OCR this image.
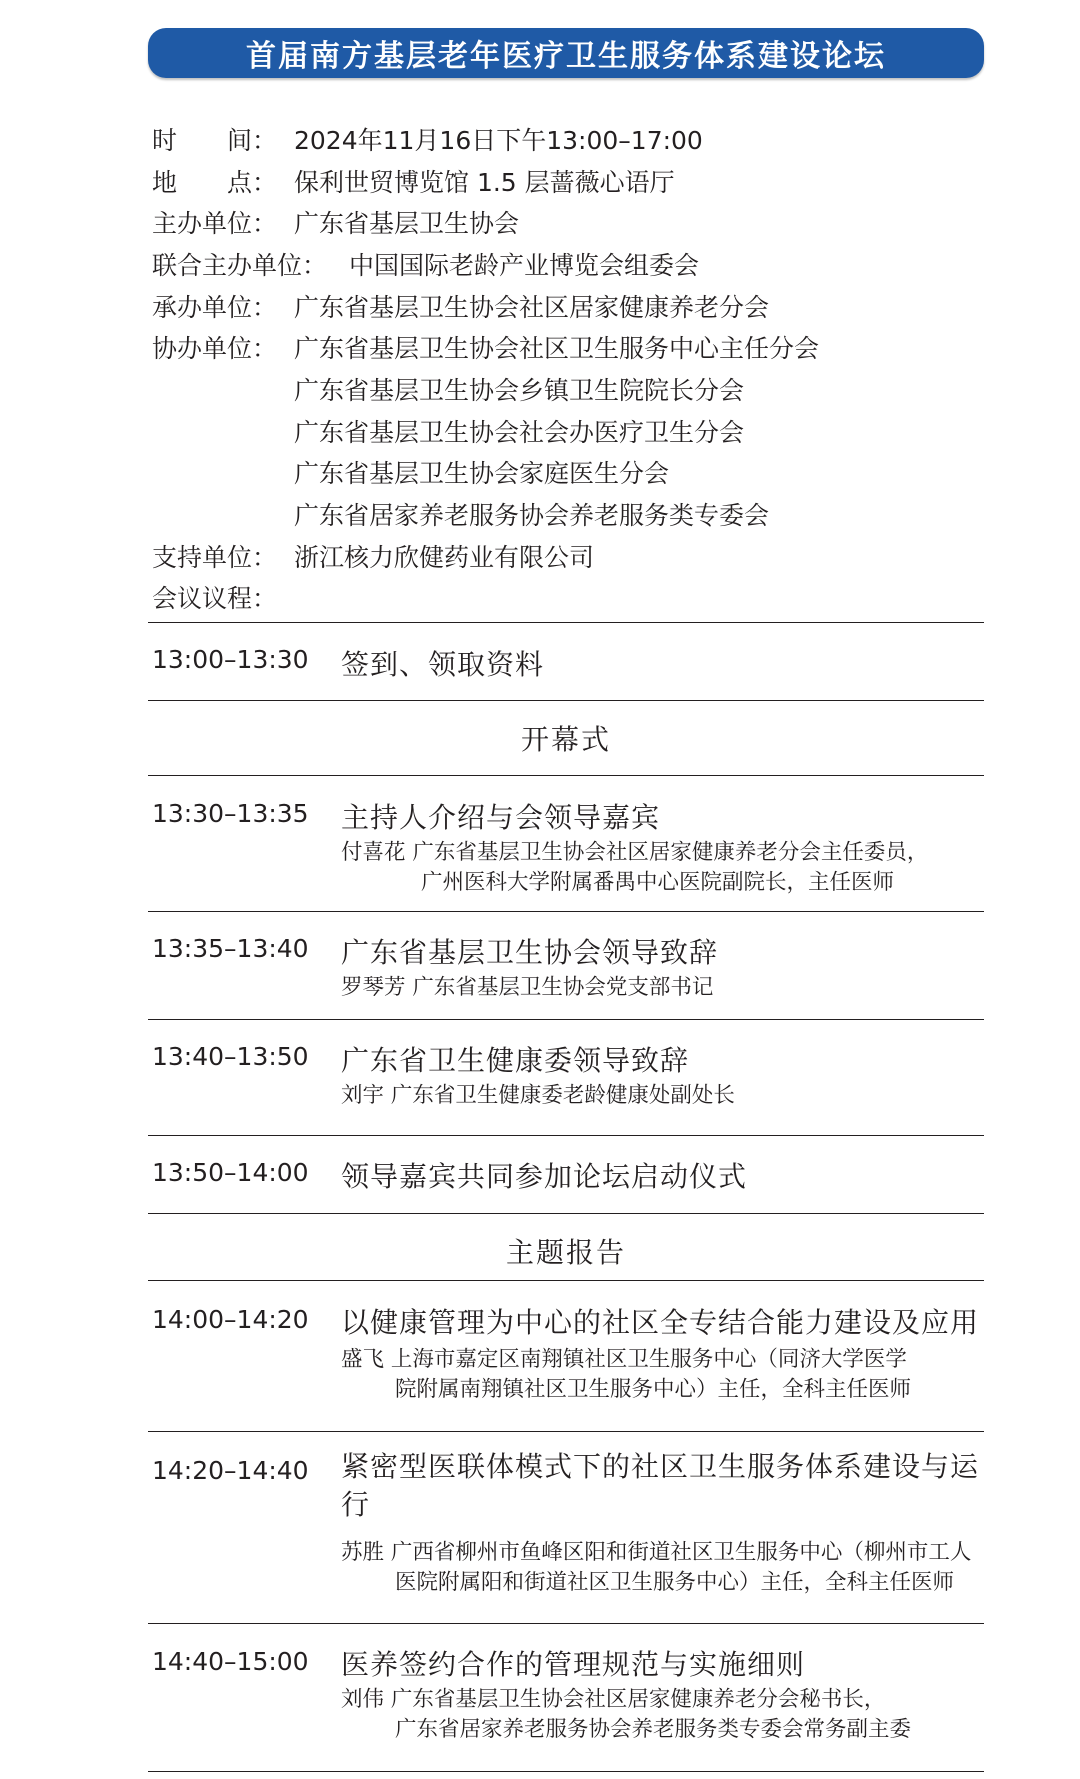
首届南方基层老年医疗卫生服务体系建设论坛
时　　间： 2024年11月16日下午13:00–17:00
地　　点： 保利世贸博览馆 1.5 层蔷薇心语厅
主办单位： 广东省基层卫生协会
联合主办单位： 中国国际老龄产业博览会组委会
承办单位： 广东省基层卫生协会社区居家健康养老分会
协办单位： 广东省基层卫生协会社区卫生服务中心主任分会
广东省基层卫生协会乡镇卫生院院长分会
广东省基层卫生协会社会办医疗卫生分会
广东省基层卫生协会家庭医生分会
广东省居家养老服务协会养老服务类专委会
支持单位： 浙江核力欣健药业有限公司
会议议程：
13:00–13:30 签到、领取资料
开幕式
13:30–13:35 主持人介绍与会领导嘉宾
付喜花 广东省基层卫生协会社区居家健康养老分会主任委员，
广州医科大学附属番禺中心医院副院长，主任医师
13:35–13:40 广东省基层卫生协会领导致辞
罗琴芳 广东省基层卫生协会党支部书记
13:40–13:50 广东省卫生健康委领导致辞
刘宇 广东省卫生健康委老龄健康处副处长
13:50–14:00 领导嘉宾共同参加论坛启动仪式
主题报告
14:00–14:20 以健康管理为中心的社区全专结合能力建设及应用
盛飞 上海市嘉定区南翔镇社区卫生服务中心（同济大学医学
院附属南翔镇社区卫生服务中心）主任，全科主任医师
14:20–14:40 紧密型医联体模式下的社区卫生服务体系建设与运行
苏胜 广西省柳州市鱼峰区阳和街道社区卫生服务中心（柳州市工人
医院附属阳和街道社区卫生服务中心）主任，全科主任医师
14:40–15:00 医养签约合作的管理规范与实施细则
刘伟 广东省基层卫生协会社区居家健康养老分会秘书长，
广东省居家养老服务协会养老服务类专委会常务副主委
